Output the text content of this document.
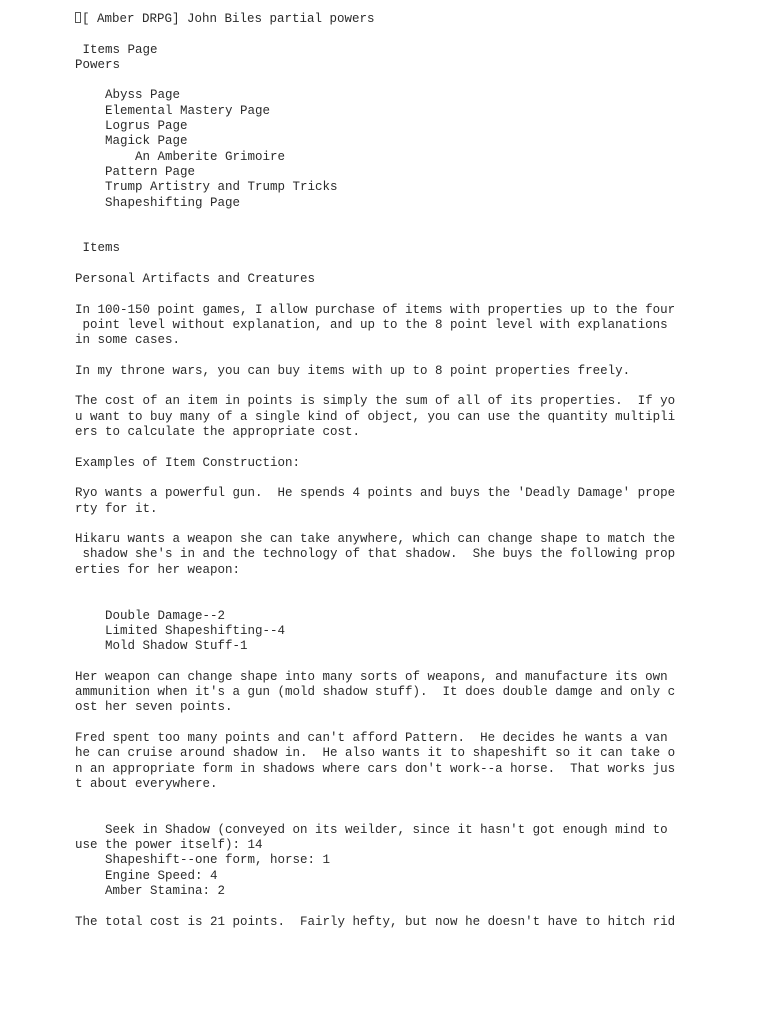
[ Amber DRPG] John Biles partial powers
Items Page
Powers
Abyss Page
Elemental Mastery Page
Logrus Page
Magick Page
An Amberite Grimoire
Pattern Page
Trump Artistry and Trump Tricks
Shapeshifting Page
Items
Personal Artifacts and Creatures
In 100-150 point games, I allow purchase of items with properties up to the four
point level without explanation, and up to the 8 point level with explanations
in some cases.
In my throne wars, you can buy items with up to 8 point properties freely.
The cost of an item in points is simply the sum of all of its properties.  If yo
u want to buy many of a single kind of object, you can use the quantity multipli
ers to calculate the appropriate cost.
Examples of Item Construction:
Ryo wants a powerful gun.  He spends 4 points and buys the 'Deadly Damage' prope
rty for it.
Hikaru wants a weapon she can take anywhere, which can change shape to match the
shadow she's in and the technology of that shadow.  She buys the following prop
erties for her weapon:
Double Damage--2
Limited Shapeshifting--4
Mold Shadow Stuff-1
Her weapon can change shape into many sorts of weapons, and manufacture its own
ammunition when it's a gun (mold shadow stuff).  It does double damge and only c
ost her seven points.
Fred spent too many points and can't afford Pattern.  He decides he wants a van
he can cruise around shadow in.  He also wants it to shapeshift so it can take o
n an appropriate form in shadows where cars don't work--a horse.  That works jus
t about everywhere.
Seek in Shadow (conveyed on its weilder, since it hasn't got enough mind to
use the power itself): 14
Shapeshift--one form, horse: 1
Engine Speed: 4
Amber Stamina: 2
The total cost is 21 points.  Fairly hefty, but now he doesn't have to hitch rid
